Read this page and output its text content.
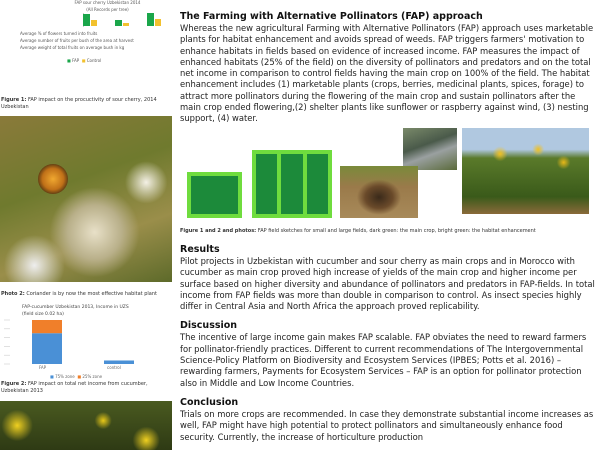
FAP sour cherry Uzbekistan 2014
(All Records per tree)
Average % of flowers turned into fruits
Average number of fruits per bush of the area at harvest
Average weight of total fruits on average bush in kg
■ FAP ■ Control
Figure 1: FAP impact on the procuctivity of sour cherry, 2014 Uzbekistan
Photo 2: Coriander is by now the most effective habitat plant
FAP-cucumber Uzbekistan 2013, Income in UZS (field size 0.02 ha)
FAP	control
■ 75% zone ■ 25% zone
Figure 2: FAP impact on total net income from cucumber, Uzbekistan 2013
The Farming with Alternative Pollinators (FAP) approach

Whereas the new agricultural Farming with Alternative Pollinators (FAP) approach uses marketable plants for habitat enhancement and avoids spread of weeds. FAP triggers farmers' motivation to enhance habitats in fields based on evidence of increased income. FAP measures the impact of enhanced habitats (25% of the field) on the diversity of pollinators and predators and on the total net income in comparison to control fields having the main crop on 100% of the field. The habitat enhancement includes (1) marketable plants (crops, berries, medicinal plants, spices, forage) to attract more pollinators during the flowering of the main crop and sustain pollinators after the main crop ended flowering,(2) shelter plants like sunflower or raspberry against wind, (3) nesting support, (4) water.

Figure 1 and 2 and photos: FAP field sketches for small and large fields, dark green: the main crop, bright green: the habitat enhancement
Results

Pilot projects in Uzbekistan with cucumber and sour cherry as main crops and in Morocco with cucumber as main crop proved high increase of yields of the main crop and higher income per surface based on higher diversity and abundance of pollinators and predators in FAP-fields. In total income from FAP fields was more than double in comparison to control. As insect species highly differ in Central Asia and North Africa the approach proved replicability.

Discussion

The incentive of large income gain makes FAP scalable. FAP obviates the need to reward farmers for pollinator-friendly practices. Different to current recommendations of The Intergovernmental Science-Policy Platform on Biodiversity and Ecosystem Services (IPBES; Potts et al. 2016) – rewarding farmers, Payments for Ecosystem Services – FAP is an option for pollinator protection also in Middle and Low Income Countries.

Conclusion

Trials on more crops are recommended. In case they demonstrate substantial income increases as well, FAP might have high potential to protect pollinators and simultaneously enhance food security. Currently, the increase of horticulture production
